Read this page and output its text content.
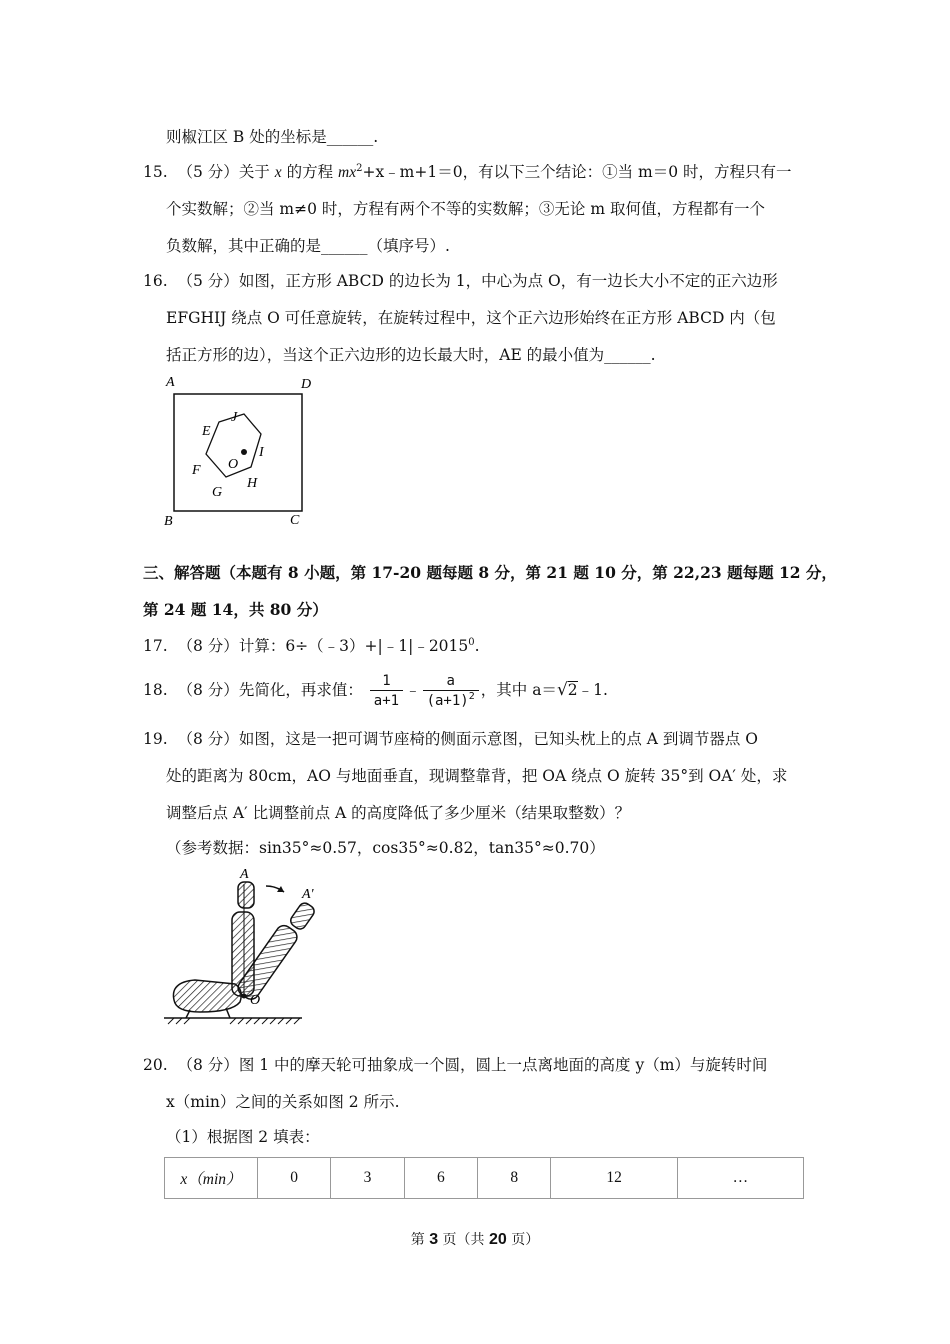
则椒江区 B 处的坐标是______.
15. （5 分）关于 x 的方程 $mx^2+x﹣m+1=0$，有以下三个结论：①当 m＝0 时，方程只有一
个实数解；②当 m≠0 时，方程有两个不等的实数解；③无论 m 取何值，方程都有一个
负数解，其中正确的是______（填序号）.
16. （5 分）如图，正方形 ABCD 的边长为 1，中心为点 O，有一边长大小不定的正六边形
EFGHIJ 绕点 O 可任意旋转，在旋转过程中，这个正六边形始终在正方形 ABCD 内（包
括正方形的边），当这个正六边形的边长最大时，AE 的最小值为______.
A	D
B	C
E
J
I
F O
G
H
三、解答题（本题有 8 小题，第 17-20 题每题 8 分，第 21 题 10 分，第 22,23 题每题 12 分，
第 24 题 14，共 80 分）
17. （8 分）计算：$6\div(﹣3)+|﹣1|﹣2015^0$.
18. （8 分）先简化，再求值： $\frac{1}{a+1}$ ﹣ $\frac{a}{(a+1)^2}$ ，其中 a＝√2﹣1.
19. （8 分）如图，这是一把可调节座椅的侧面示意图，已知头枕上的点 A 到调节器点 O
处的距离为 80cm，AO 与地面垂直，现调整靠背，把 OA 绕点 O 旋转 35°到 OA′ 处，求
调整后点 A′ 比调整前点 A 的高度降低了多少厘米（结果取整数）？
（参考数据：sin35°≈0.57，cos35°≈0.82，tan35°≈0.70）
A
A'
O
20. （8 分）图 1 中的摩天轮可抽象成一个圆，圆上一点离地面的高度 y（m）与旋转时间
x（min）之间的关系如图 2 所示.
（1）根据图 2 填表：
x（min）	0	3	6	8	12	…
第 3 页（共 20 页）
